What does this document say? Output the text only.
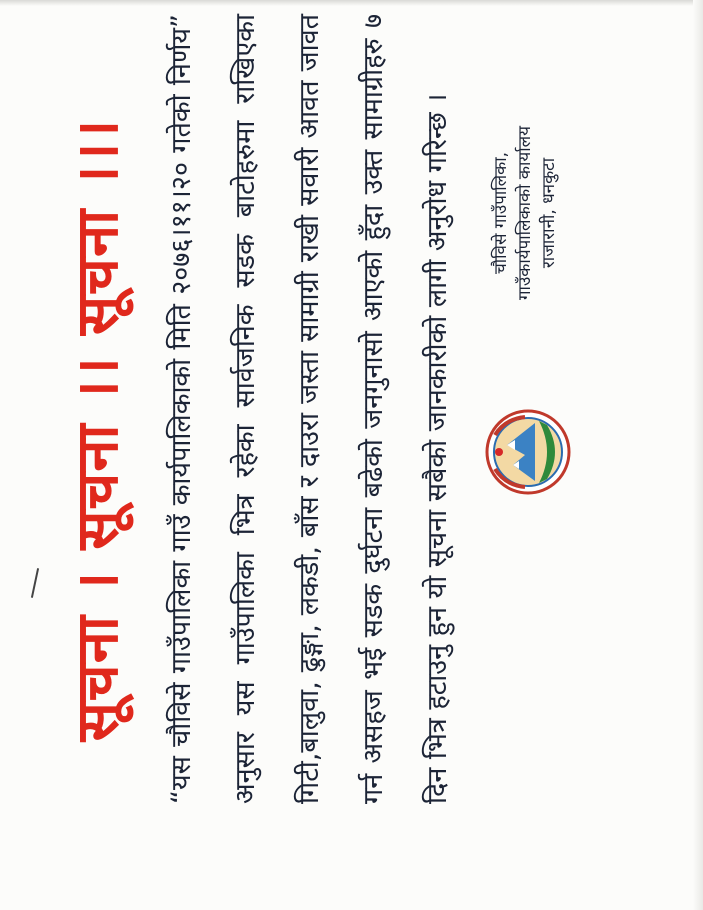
सूचना । सूचना ।। सूचना ।।।	“यस चौविसे गाउँपालिका गाउँ कार्यपालिकाको मिति २०७६।११।२० गतेको निर्णय” अनुसार यस गाउँपालिका भित्र रहेका सार्वजनिक सडक बाटोहरुमा राखिएका गिटी,बालुवा, ढुङ्गा, लकडी, बाँस र दाउरा जस्ता सामाग्री राखी सवारी आवत जावत गर्न असहज भई सडक दुर्घटना बढेको जनगुनासो आएको हुँदा उक्त सामाग्रीहरु ७ दिन भित्र हटाउनु हुन यो सूचना सबैको जानकारीको लागी अनुरोध गरिन्छ ।	चौविसे गाउँपालिका, गाउँकार्यपालिकाको कार्यालय राजारानी, धनकुटा
